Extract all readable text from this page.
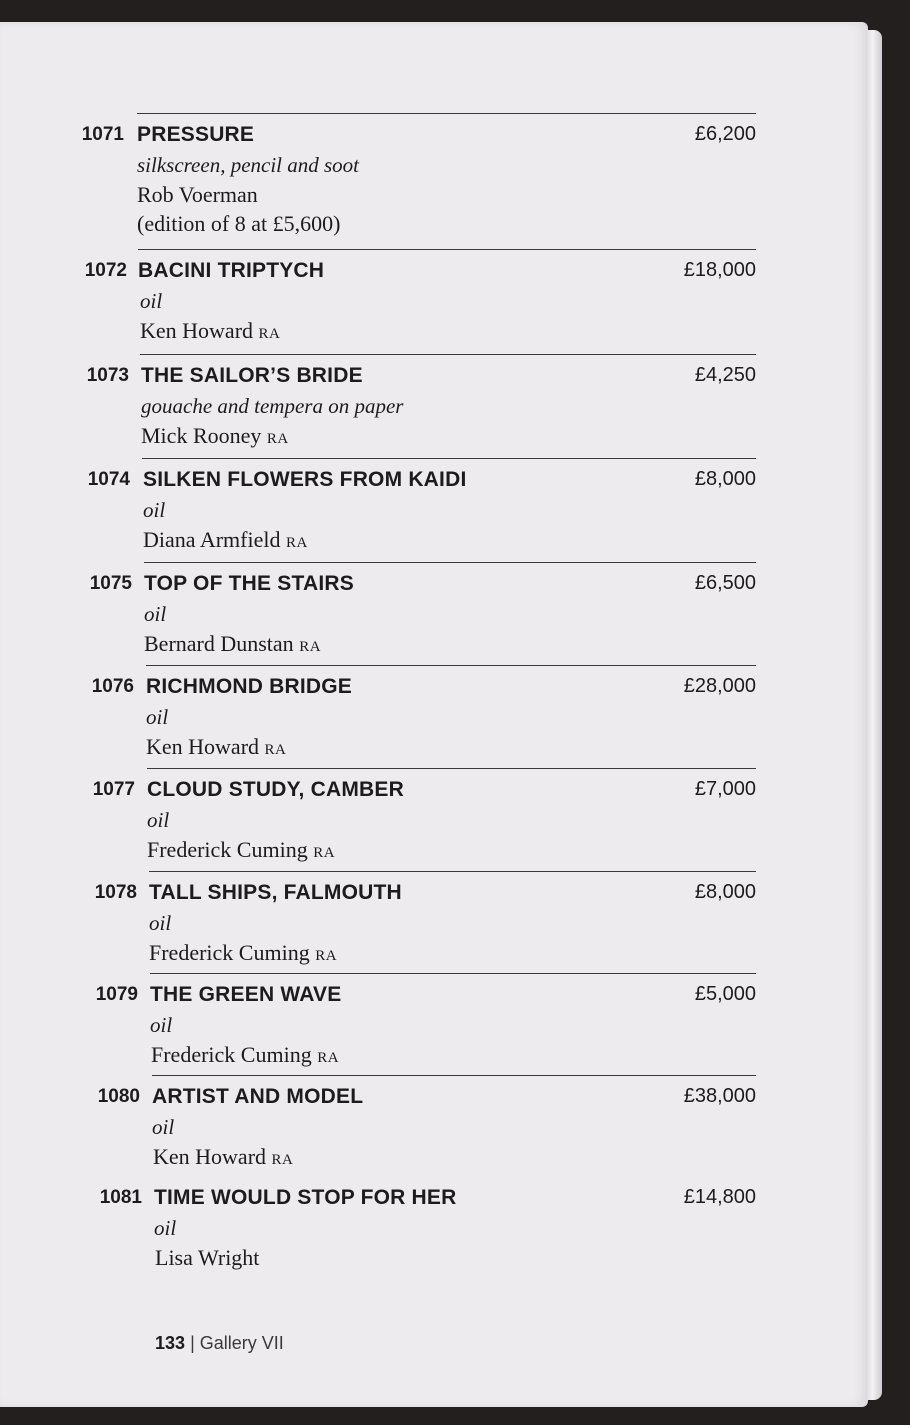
1071 PRESSURE	£6,200
silkscreen, pencil and soot
Rob Voerman
(edition of 8 at £5,600)
1072 BACINI TRIPTYCH	£18,000
oil
Ken Howard RA
1073 THE SAILOR’S BRIDE	£4,250
gouache and tempera on paper
Mick Rooney RA
1074 SILKEN FLOWERS FROM KAIDI	£8,000
oil
Diana Armfield RA
1075 TOP OF THE STAIRS	£6,500
oil
Bernard Dunstan RA
1076 RICHMOND BRIDGE	£28,000
oil
Ken Howard RA
1077 CLOUD STUDY, CAMBER	£7,000
oil
Frederick Cuming RA
1078 TALL SHIPS, FALMOUTH	£8,000
oil
Frederick Cuming RA
1079 THE GREEN WAVE	£5,000
oil
Frederick Cuming RA
1080 ARTIST AND MODEL	£38,000
oil
Ken Howard RA
1081 TIME WOULD STOP FOR HER	£14,800
oil
Lisa Wright
133 | Gallery VII
